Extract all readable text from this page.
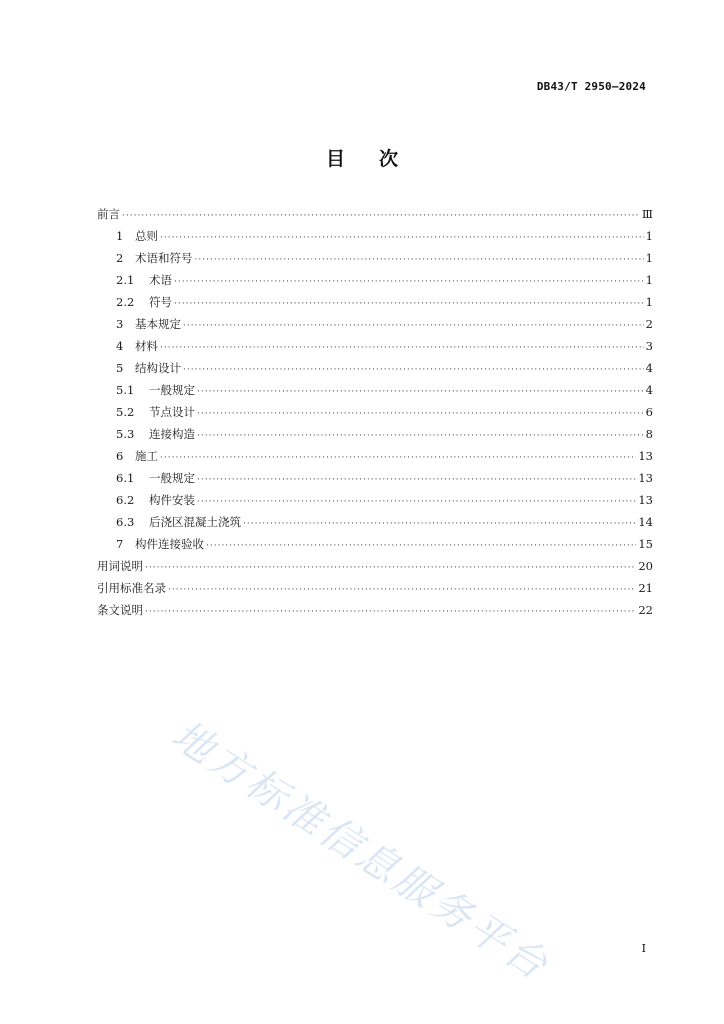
DB43/T 2950—2024
目次
前言 ·····	Ⅲ
1	总则 ·····	1
2	术语和符号 ·····	1
2.1	术语 ·····	1
2.2	符号 ·····	1
3	基本规定 ·····	2
4	材料 ·····	3
5	结构设计 ·····	4
5.1	一般规定 ·····	4
5.2	节点设计 ·····	6
5.3	连接构造 ·····	8
6	施工 ·····	13
6.1	一般规定 ·····	13
6.2	构件安装 ·····	13
6.3	后浇区混凝土浇筑 ·····	14
7	构件连接验收 ·····	15
用词说明 ·····	20
引用标准名录 ·····	21
条文说明 ·····	22
I
地方标准信息服务平台
